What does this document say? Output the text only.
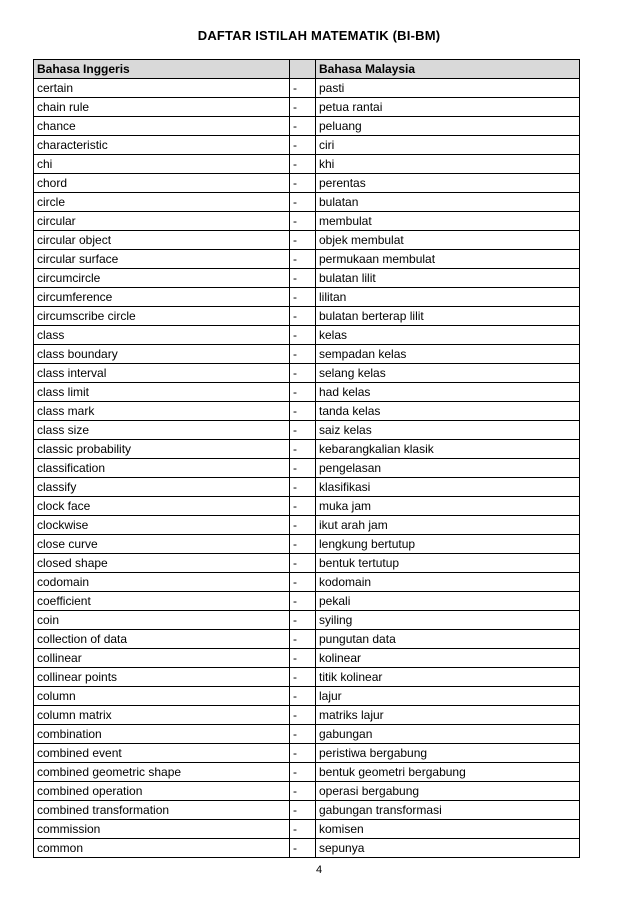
DAFTAR ISTILAH MATEMATIK (BI-BM)
Bahasa Inggeris		Bahasa Malaysia
certain	-	pasti
chain rule	-	petua rantai
chance	-	peluang
characteristic	-	ciri
chi	-	khi
chord	-	perentas
circle	-	bulatan
circular	-	membulat
circular object	-	objek membulat
circular surface	-	permukaan membulat
circumcircle	-	bulatan lilit
circumference	-	lilitan
circumscribe circle	-	bulatan berterap lilit
class	-	kelas
class boundary	-	sempadan kelas
class interval	-	selang kelas
class limit	-	had kelas
class mark	-	tanda kelas
class size	-	saiz kelas
classic probability	-	kebarangkalian klasik
classification	-	pengelasan
classify	-	klasifikasi
clock face	-	muka jam
clockwise	-	ikut arah jam
close curve	-	lengkung bertutup
closed shape	-	bentuk tertutup
codomain	-	kodomain
coefficient	-	pekali
coin	-	syiling
collection of data	-	pungutan data
collinear	-	kolinear
collinear points	-	titik kolinear
column	-	lajur
column matrix	-	matriks lajur
combination	-	gabungan
combined event	-	peristiwa bergabung
combined geometric shape	-	bentuk geometri bergabung
combined operation	-	operasi bergabung
combined transformation	-	gabungan transformasi
commission	-	komisen
common	-	sepunya
4
